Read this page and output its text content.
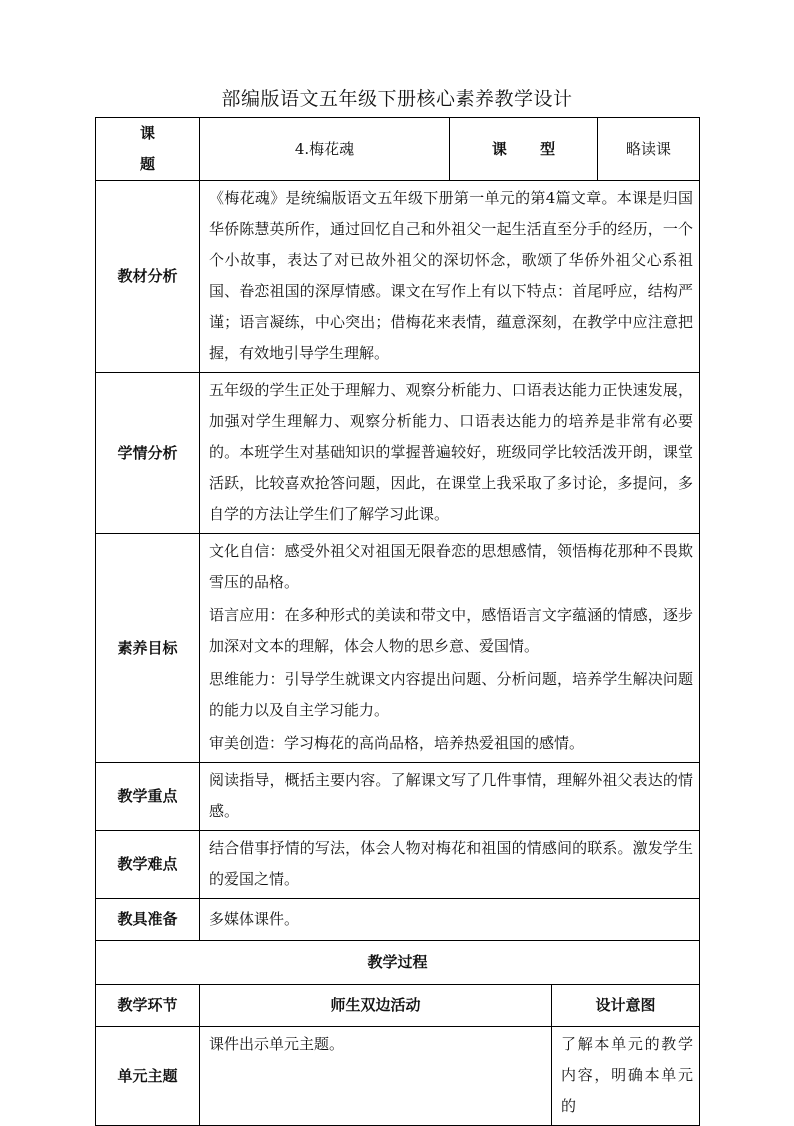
部编版语文五年级下册核心素养教学设计
课 题	4.梅花魂	课 型		略读课
教材分析	《梅花魂》是统编版语文五年级下册第一单元的第4篇文章。本课是归国华侨陈慧英所作，通过回忆自己和外祖父一起生活直至分手的经历，一个个小故事，表达了对已故外祖父的深切怀念，歌颂了华侨外祖父心系祖国、眷恋祖国的深厚情感。课文在写作上有以下特点：首尾呼应，结构严谨；语言凝练，中心突出；借梅花来表情，蕴意深刻，在教学中应注意把握，有效地引导学生理解。			
学情分析	五年级的学生正处于理解力、观察分析能力、口语表达能力正快速发展，加强对学生理解力、观察分析能力、口语表达能力的培养是非常有必要的。本班学生对基础知识的掌握普遍较好，班级同学比较活泼开朗，课堂活跃，比较喜欢抢答问题，因此，在课堂上我采取了多讨论，多提问，多自学的方法让学生们了解学习此课。			
素养目标	文化自信：感受外祖父对祖国无限眷恋的思想感情，领悟梅花那种不畏欺雪压的品格。

语言应用：在多种形式的美读和带文中，感悟语言文字蕴涵的情感，逐步加深对文本的理解，体会人物的思乡意、爱国情。

思维能力：引导学生就课文内容提出问题、分析问题，培养学生解决问题的能力以及自主学习能力。

审美创造：学习梅花的高尚品格，培养热爱祖国的感情。			

教学重点	阅读指导，概括主要内容。了解课文写了几件事情，理解外祖父表达的情感。			
教学难点	结合借事抒情的写法，体会人物对梅花和祖国的情感间的联系。激发学生的爱国之情。			
教具准备	多媒体课件。			
教学过程				
教学环节	师生双边活动		设计意图	
单元主题	课件出示单元主题。		了解本单元的教学内容，明确本单元的	
